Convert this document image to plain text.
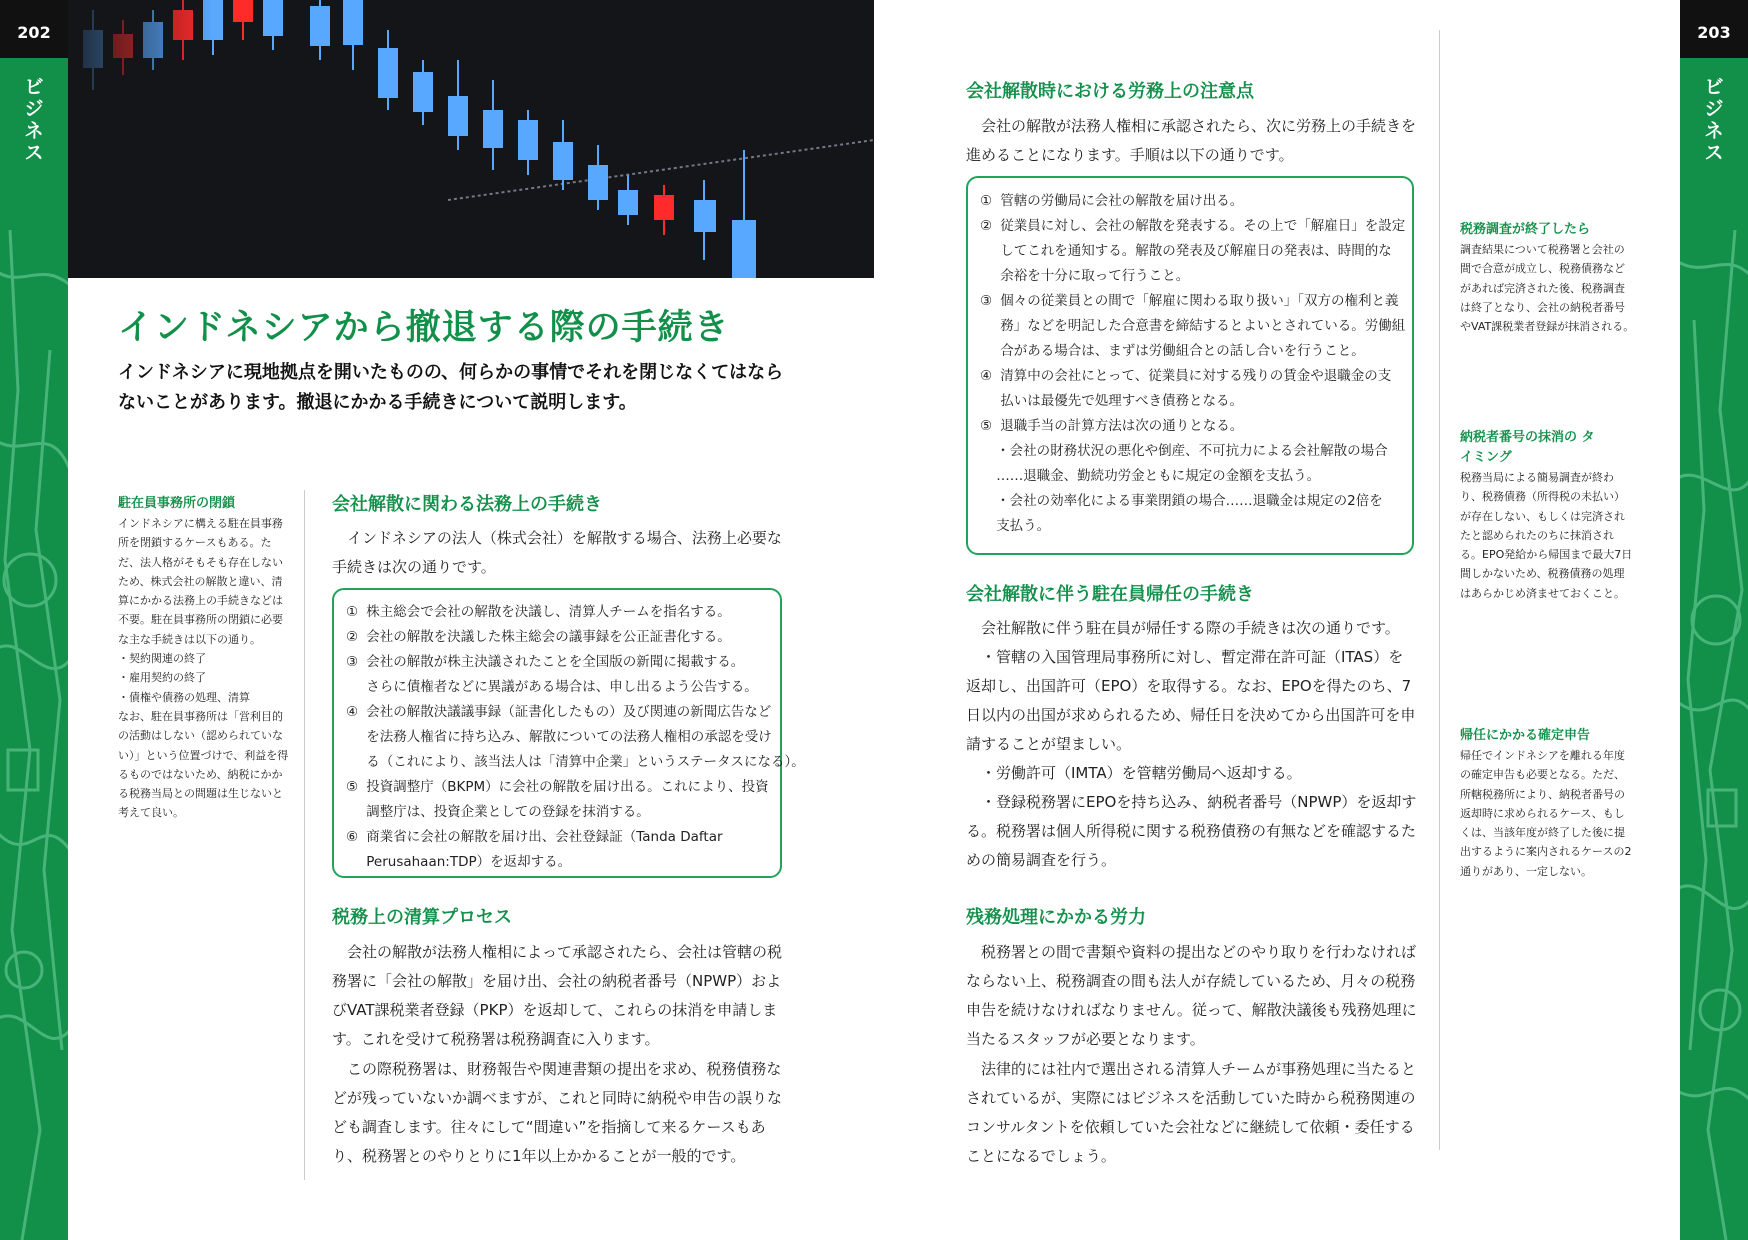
202
ビジネス
203
ビジネス
インドネシアから撤退する際の手続き

インドネシアに現地拠点を開いたものの、何らかの事情でそれを閉じなくてはならないことがあります。撤退にかかる手続きについて説明します。

駐在員事務所の閉鎖

インドネシアに構える駐在員事務所を閉鎖するケースもある。ただ、法人格がそもそも存在しないため、株式会社の解散と違い、清算にかかる法務上の手続きなどは不要。駐在員事務所の閉鎖に必要な主な手続きは以下の通り。

・契約関連の終了

・雇用契約の終了

・債権や債務の処理、清算

なお、駐在員事務所は「営利目的の活動はしない（認められていない）」という位置づけで、利益を得るものではないため、納税にかかる税務当局との問題は生じないと考えて良い。

会社解散に関わる法務上の手続き

インドネシアの法人（株式会社）を解散する場合、法務上必要な手続きは次の通りです。

① 株主総会で会社の解散を決議し、清算人チームを指名する。
② 会社の解散を決議した株主総会の議事録を公正証書化する。
③ 会社の解散が株主決議されたことを全国版の新聞に掲載する。
さらに債権者などに異議がある場合は、申し出るよう公告する。
④ 会社の解散決議議事録（証書化したもの）及び関連の新聞広告など
を法務人権省に持ち込み、解散についての法務人権相の承認を受け
る（これにより、該当法人は「清算中企業」というステータスになる）。
⑤ 投資調整庁（BKPM）に会社の解散を届け出る。これにより、投資
調整庁は、投資企業としての登録を抹消する。
⑥ 商業省に会社の解散を届け出、会社登録証（Tanda Daftar
Perusahaan:TDP）を返却する。
税務上の清算プロセス

会社の解散が法務人権相によって承認されたら、会社は管轄の税務署に「会社の解散」を届け出、会社の納税者番号（NPWP）およびVAT課税業者登録（PKP）を返却して、これらの抹消を申請します。これを受けて税務署は税務調査に入ります。

この際税務署は、財務報告や関連書類の提出を求め、税務債務などが残っていないか調べますが、これと同時に納税や申告の誤りなども調査します。往々にして“間違い”を指摘して来るケースもあり、税務署とのやりとりに1年以上かかることが一般的です。

会社解散時における労務上の注意点

会社の解散が法務人権相に承認されたら、次に労務上の手続きを進めることになります。手順は以下の通りです。

① 管轄の労働局に会社の解散を届け出る。
② 従業員に対し、会社の解散を発表する。その上で「解雇日」を設定
してこれを通知する。解散の発表及び解雇日の発表は、時間的な
余裕を十分に取って行うこと。
③ 個々の従業員との間で「解雇に関わる取り扱い」「双方の権利と義
務」などを明記した合意書を締結するとよいとされている。労働組
合がある場合は、まずは労働組合との話し合いを行うこと。
④ 清算中の会社にとって、従業員に対する残りの賃金や退職金の支
払いは最優先で処理すべき債務となる。
⑤ 退職手当の計算方法は次の通りとなる。
・会社の財務状況の悪化や倒産、不可抗力による会社解散の場合
……退職金、勤続功労金ともに規定の金額を支払う。
・会社の効率化による事業閉鎖の場合……退職金は規定の2倍を
支払う。
会社解散に伴う駐在員帰任の手続き

会社解散に伴う駐在員が帰任する際の手続きは次の通りです。

・管轄の入国管理局事務所に対し、暫定滞在許可証（ITAS）を返却し、出国許可（EPO）を取得する。なお、EPOを得たのち、7日以内の出国が求められるため、帰任日を決めてから出国許可を申請することが望ましい。

・労働許可（IMTA）を管轄労働局へ返却する。

・登録税務署にEPOを持ち込み、納税者番号（NPWP）を返却する。税務署は個人所得税に関する税務債務の有無などを確認するための簡易調査を行う。

残務処理にかかる労力

税務署との間で書類や資料の提出などのやり取りを行わなければならない上、税務調査の間も法人が存続しているため、月々の税務申告を続けなければなりません。従って、解散決議後も残務処理に当たるスタッフが必要となります。

法律的には社内で選出される清算人チームが事務処理に当たるとされているが、実際にはビジネスを活動していた時から税務関連のコンサルタントを依頼していた会社などに継続して依頼・委任することになるでしょう。

税務調査が終了したら

調査結果について税務署と会社の間で合意が成立し、税務債務などがあれば完済された後、税務調査は終了となり、会社の納税者番号やVAT課税業者登録が抹消される。

納税者番号の抹消の タイミング

税務当局による簡易調査が終わり、税務債務（所得税の未払い）が存在しない、もしくは完済されたと認められたのちに抹消される。EPO発給から帰国まで最大7日間しかないため、税務債務の処理はあらかじめ済ませておくこと。

帰任にかかる確定申告

帰任でインドネシアを離れる年度の確定申告も必要となる。ただ、所轄税務所により、納税者番号の返却時に求められるケース、もしくは、当該年度が終了した後に提出するように案内されるケースの2通りがあり、一定しない。
